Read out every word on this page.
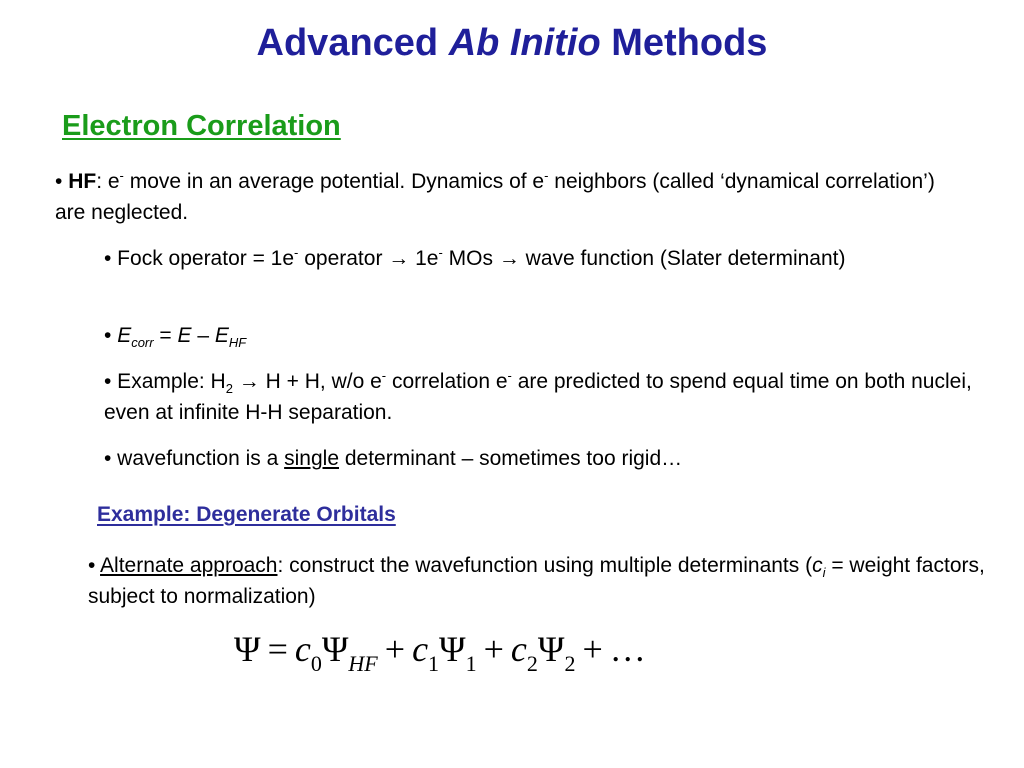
Advanced Ab Initio Methods
Electron Correlation

• HF: e- move in an average potential. Dynamics of e- neighbors (called ‘dynamical correlation’) are neglected.

• Fock operator = 1e- operator → 1e- MOs → wave function (Slater determinant)

• $E_{corr} = E - E_{HF}$

• Example: $H_2 \to H + H$, w/o e- correlation e- are predicted to spend equal time on both nuclei, even at infinite H-H separation.

• wavefunction is a single determinant – sometimes too rigid…

Example: Degenerate Orbitals

• Alternate approach: construct the wavefunction using multiple determinants ($c_i$ = weight factors, subject to normalization)

$\Psi = c_0\Psi_{HF} + c_1\Psi_1 + c_2\Psi_2$ + …
